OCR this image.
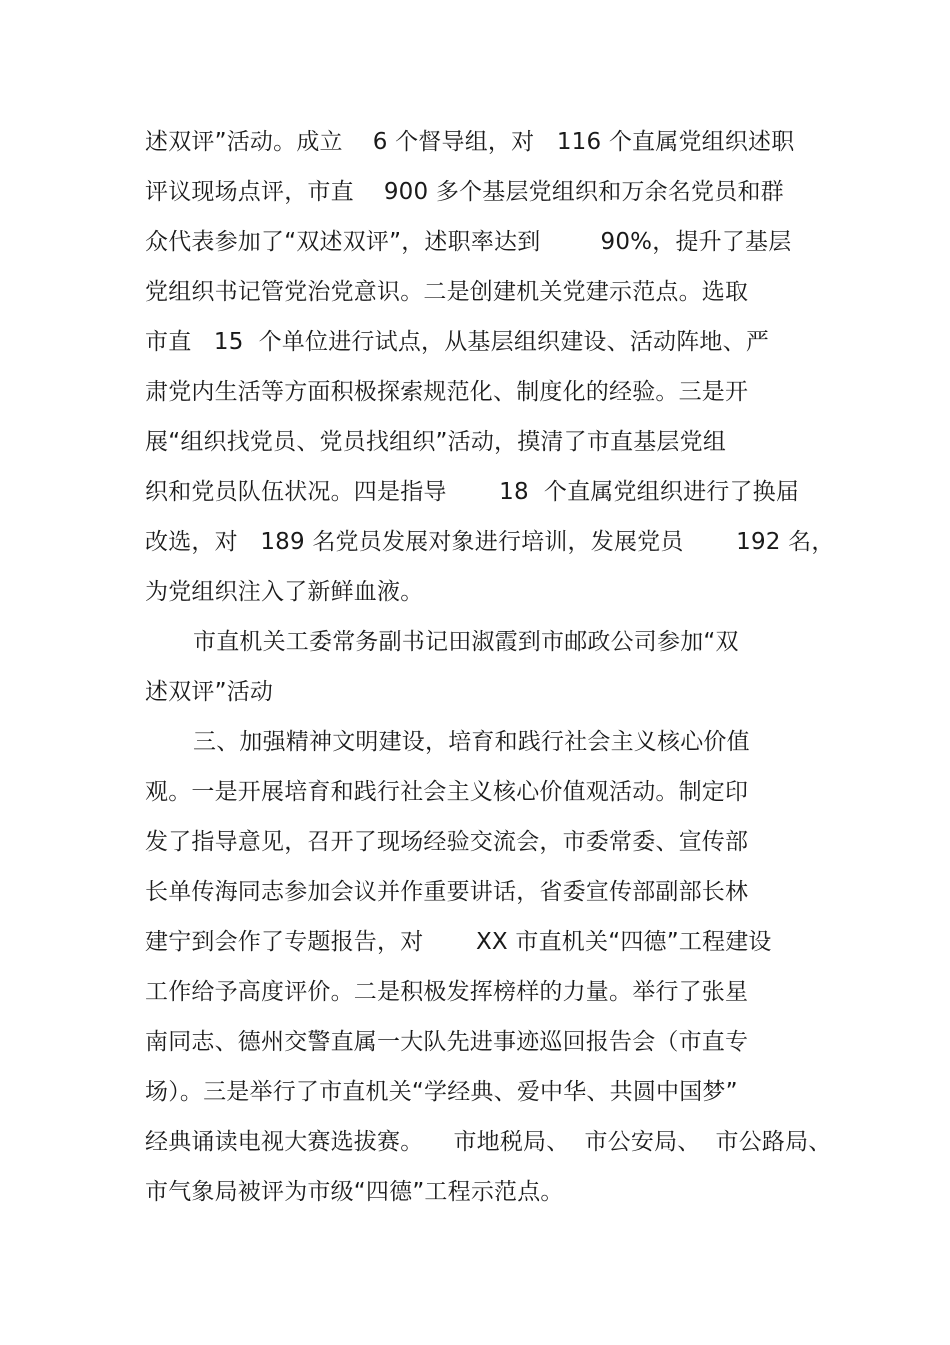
述双评”活动。成立    6 个督导组，对   116 个直属党组织述职
评议现场点评，市直    900 多个基层党组织和万余名党员和群
众代表参加了“双述双评”，述职率达到        90%，提升了基层
党组织书记管党治党意识。二是创建机关党建示范点。选取
市直   15  个单位进行试点，从基层组织建设、活动阵地、严
肃党内生活等方面积极探索规范化、制度化的经验。三是开
展“组织找党员、党员找组织”活动，摸清了市直基层党组
织和党员队伍状况。四是指导       18  个直属党组织进行了换届
改选，对   189 名党员发展对象进行培训，发展党员       192 名，
为党组织注入了新鲜血液。
市直机关工委常务副书记田淑霞到市邮政公司参加“双
述双评”活动
三、加强精神文明建设，培育和践行社会主义核心价值
观。一是开展培育和践行社会主义核心价值观活动。制定印
发了指导意见，召开了现场经验交流会，市委常委、宣传部
长单传海同志参加会议并作重要讲话，省委宣传部副部长林
建宁到会作了专题报告，对       XX 市直机关“四德”工程建设
工作给予高度评价。二是积极发挥榜样的力量。举行了张星
南同志、德州交警直属一大队先进事迹巡回报告会（市直专
场）。三是举行了市直机关“学经典、爱中华、共圆中国梦”
经典诵读电视大赛选拔赛。    市地税局、  市公安局、  市公路局、
市气象局被评为市级“四德”工程示范点。
